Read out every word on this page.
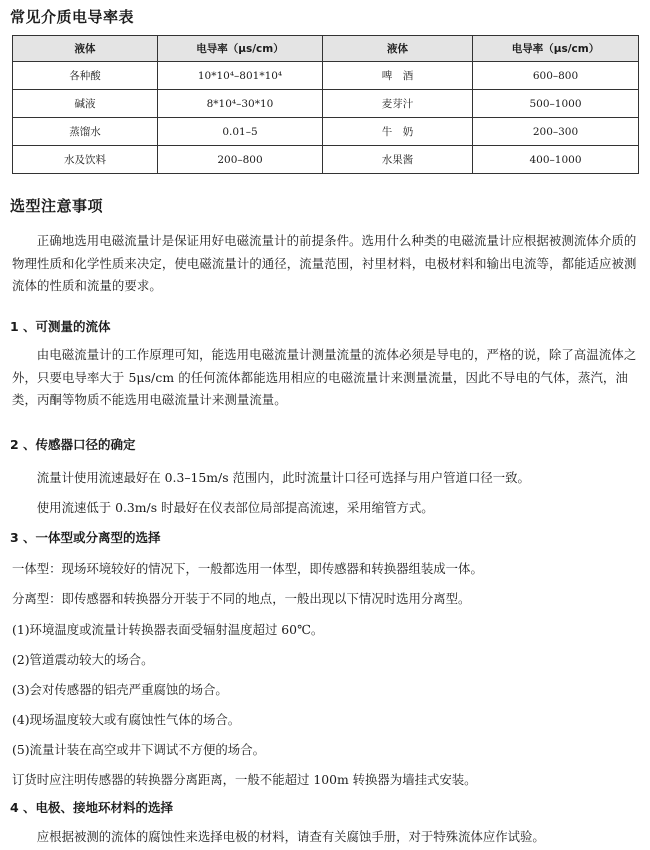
常见介质电导率表
液体	电导率（μs/cm）	液体	电导率（μs/cm）
各种酸	10*10⁴–801*10⁴	啤　酒	600–800
碱液	8*10⁴–30*10	麦芽汁	500–1000
蒸馏水	0.01–5	牛　奶	200–300
水及饮料	200–800	水果酱	400–1000
选型注意事项

正确地选用电磁流量计是保证用好电磁流量计的前提条件。选用什么种类的电磁流量计应根据被测流体介质的物理性质和化学性质来决定，使电磁流量计的通径，流量范围，衬里材料，电极材料和输出电流等，都能适应被测流体的性质和流量的要求。

1 、可测量的流体

由电磁流量计的工作原理可知，能选用电磁流量计测量流量的流体必须是导电的，严格的说，除了高温流体之外，只要电导率大于 5μs/cm 的任何流体都能选用相应的电磁流量计来测量流量，因此不导电的气体，蒸汽，油类，丙酮等物质不能选用电磁流量计来测量流量。

2 、传感器口径的确定

流量计使用流速最好在 0.3–15m/s 范围内，此时流量计口径可选择与用户管道口径一致。

使用流速低于 0.3m/s 时最好在仪表部位局部提高流速，采用缩管方式。

3 、一体型或分离型的选择

一体型：现场环境较好的情况下，一般都选用一体型，即传感器和转换器组装成一体。

分离型：即传感器和转换器分开装于不同的地点，一般出现以下情况时选用分离型。

(1)环境温度或流量计转换器表面受辐射温度超过 60℃。

(2)管道震动较大的场合。

(3)会对传感器的铝壳严重腐蚀的场合。

(4)现场温度较大或有腐蚀性气体的场合。

(5)流量计装在高空或井下调试不方便的场合。

订货时应注明传感器的转换器分离距离，一般不能超过 100m 转换器为墙挂式安装。

4 、电极、接地环材料的选择

应根据被测的流体的腐蚀性来选择电极的材料，请查有关腐蚀手册，对于特殊流体应作试验。
